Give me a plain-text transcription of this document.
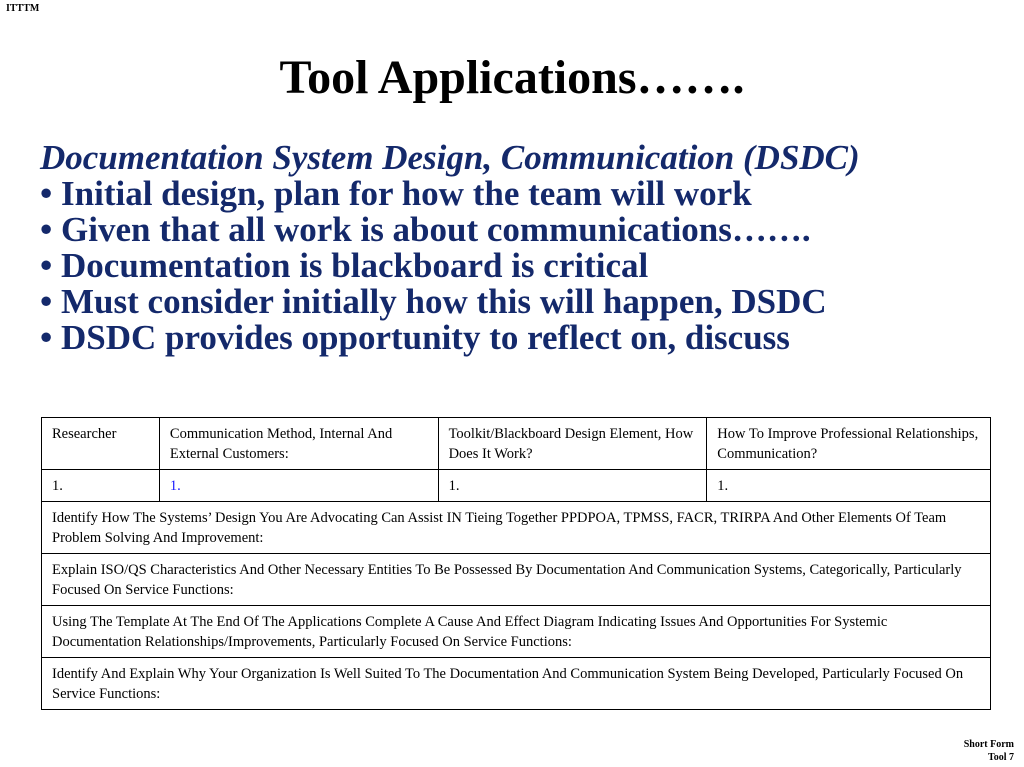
ITTTM
Tool Applications…….
Documentation System Design, Communication (DSDC)
• Initial design, plan for how the team will work
• Given that all work is about communications…….
• Documentation is blackboard is critical
• Must consider initially how this will happen, DSDC
• DSDC provides opportunity to reflect on, discuss
Researcher	Communication Method, Internal And External Customers:	Toolkit/Blackboard Design Element, How Does It Work?	How To Improve Professional Relationships, Communication?
1.	1.	1.	1.
Identify How The Systems’ Design You Are Advocating Can Assist IN Tieing Together PPDPOA, TPMSS, FACR, TRIRPA And Other Elements Of Team Problem Solving And Improvement:			
Explain ISO/QS Characteristics And Other Necessary Entities To Be Possessed By Documentation And Communication Systems, Categorically, Particularly Focused On Service Functions:			
Using The Template At The End Of The Applications Complete A Cause And Effect Diagram Indicating Issues And Opportunities For Systemic Documentation Relationships/Improvements, Particularly Focused On Service Functions:			
Identify And Explain Why Your Organization Is Well Suited To The Documentation And Communication System Being Developed, Particularly Focused On Service Functions:			
Short Form
Tool 7
